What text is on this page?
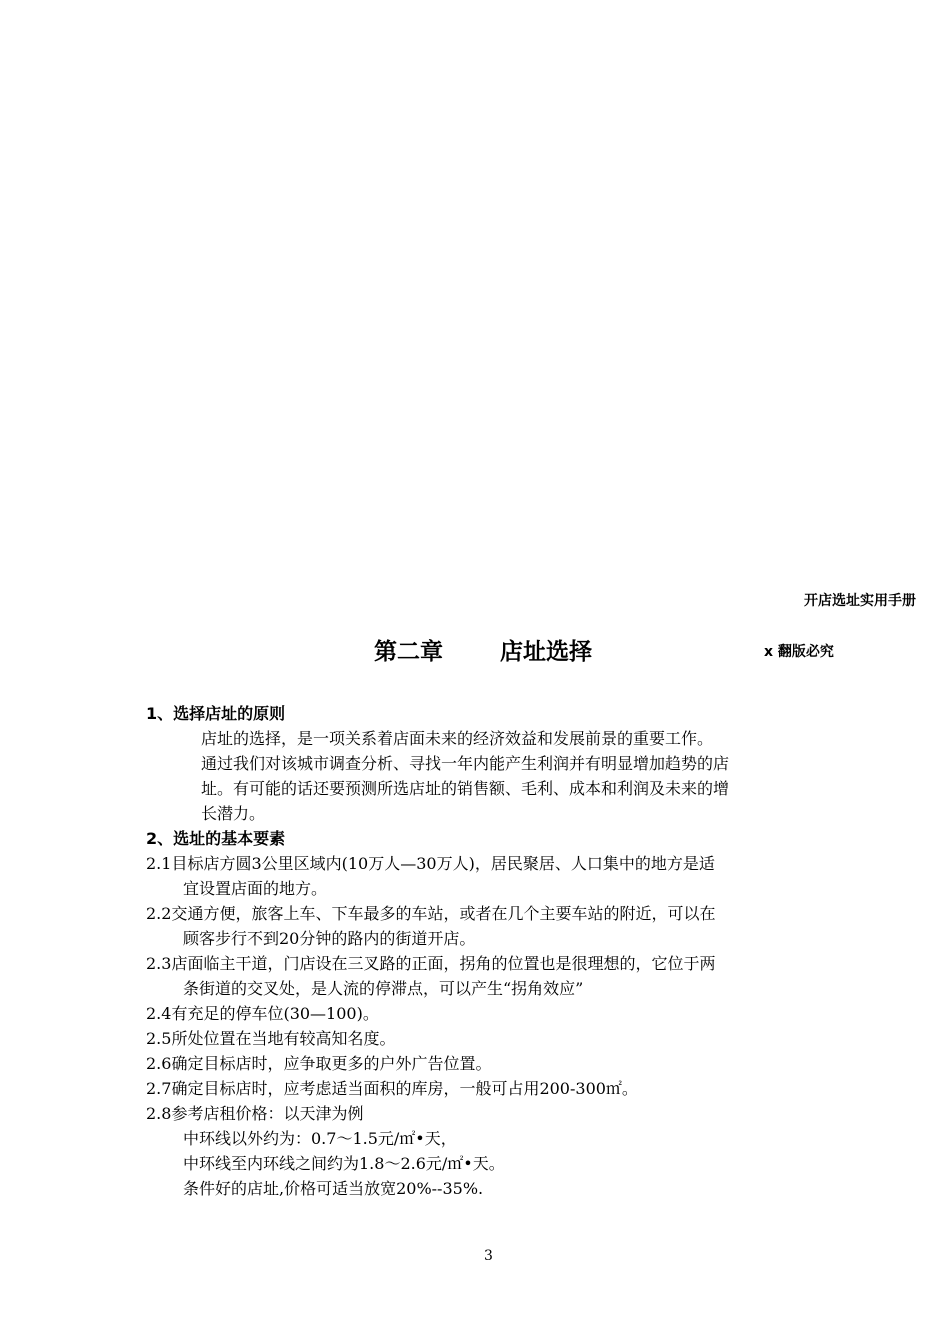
开店选址实用手册
第二章 店址选择	x 翻版必究
1、选择店址的原则
店址的选择，是一项关系着店面未来的经济效益和发展前景的重要工作。
通过我们对该城市调查分析、寻找一年内能产生利润并有明显增加趋势的店
址。有可能的话还要预测所选店址的销售额、毛利、成本和利润及未来的增
长潜力。
2、选址的基本要素
2.1目标店方圆3公里区域内(10万人—30万人)，居民聚居、人口集中的地方是适
宜设置店面的地方。
2.2交通方便，旅客上车、下车最多的车站，或者在几个主要车站的附近，可以在
顾客步行不到20分钟的路内的街道开店。
2.3店面临主干道，门店设在三叉路的正面，拐角的位置也是很理想的，它位于两
条街道的交叉处，是人流的停滞点，可以产生“拐角效应”
2.4有充足的停车位(30—100)。
2.5所处位置在当地有较高知名度。
2.6确定目标店时，应争取更多的户外广告位置。
2.7确定目标店时，应考虑适当面积的库房，一般可占用200-300㎡。
2.8参考店租价格：以天津为例
中环线以外约为：0.7～1.5元/㎡•天，
中环线至内环线之间约为1.8～2.6元/㎡•天。
条件好的店址,价格可适当放宽20%--35%.
3
